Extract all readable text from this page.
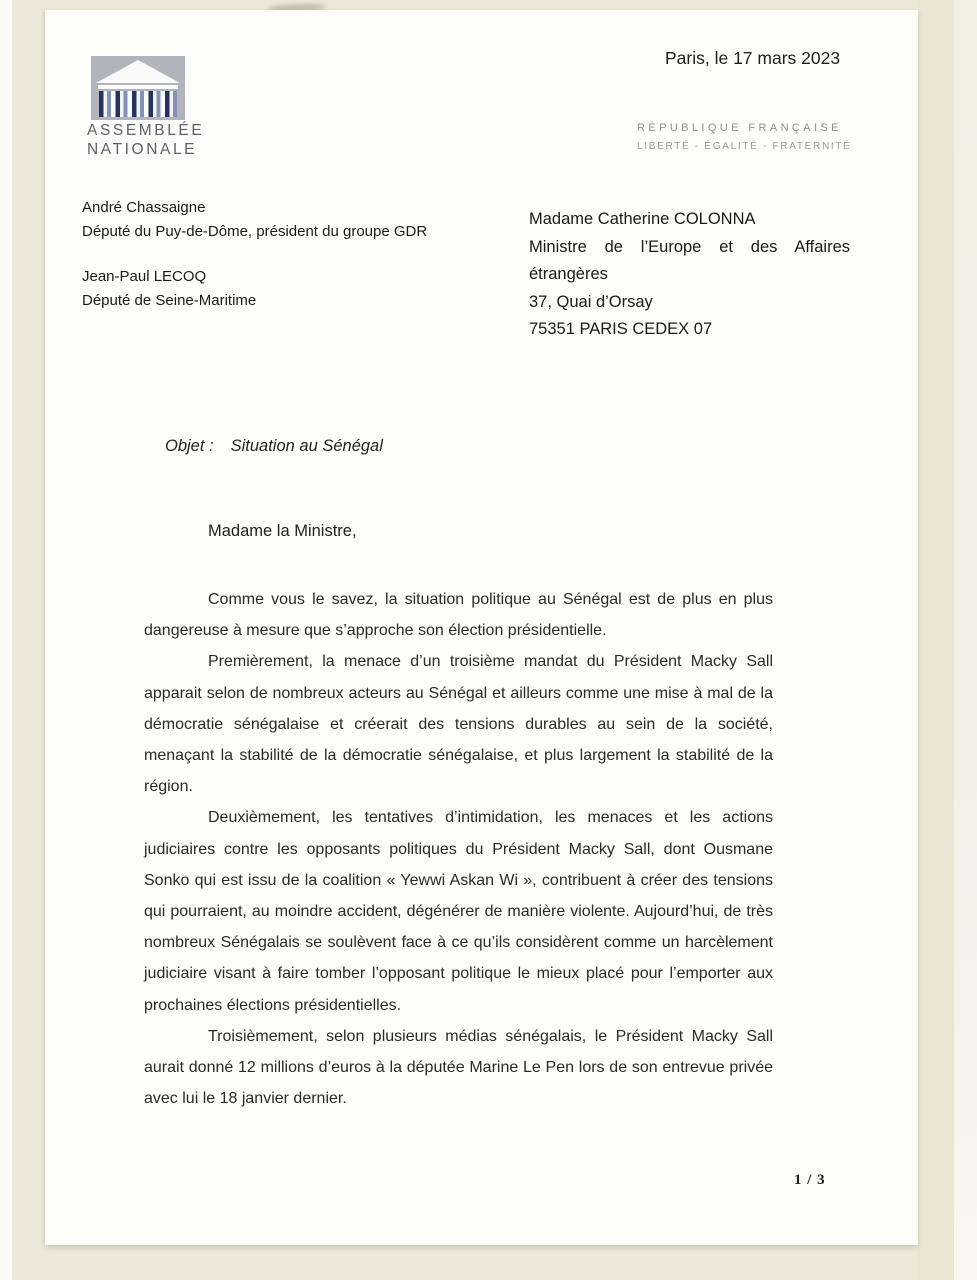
ASSEMBLÉE
NATIONALE
Paris, le 17 mars 2023
RÉPUBLIQUE FRANÇAISE
LIBERTÉ - ÉGALITÉ - FRATERNITÉ
André Chassaigne
Député du Puy-de-Dôme, président du groupe GDR
Jean-Paul LECOQ
Député de Seine-Maritime
Madame Catherine COLONNA
Ministre de l’Europe et des Affaires
étrangères
37, Quai d’Orsay
75351 PARIS CEDEX 07
Objet : Situation au Sénégal
Madame la Ministre,

Comme vous le savez, la situation politique au Sénégal est de plus en plus dangereuse à mesure que s’approche son élection présidentielle.

Premièrement, la menace d’un troisième mandat du Président Macky Sall apparait selon de nombreux acteurs au Sénégal et ailleurs comme une mise à mal de la démocratie sénégalaise et créerait des tensions durables au sein de la société, menaçant la stabilité de la démocratie sénégalaise, et plus largement la stabilité de la région.

Deuxièmement, les tentatives d’intimidation, les menaces et les actions judiciaires contre les opposants politiques du Président Macky Sall, dont Ousmane Sonko qui est issu de la coalition « Yewwi Askan Wi », contribuent à créer des tensions qui pourraient, au moindre accident, dégénérer de manière violente. Aujourd’hui, de très nombreux Sénégalais se soulèvent face à ce qu’ils considèrent comme un harcèlement judiciaire visant à faire tomber l’opposant politique le mieux placé pour l’emporter aux prochaines élections présidentielles.

Troisièmement, selon plusieurs médias sénégalais, le Président Macky Sall aurait donné 12 millions d’euros à la députée Marine Le Pen lors de son entrevue privée avec lui le 18 janvier dernier.

1 / 3
